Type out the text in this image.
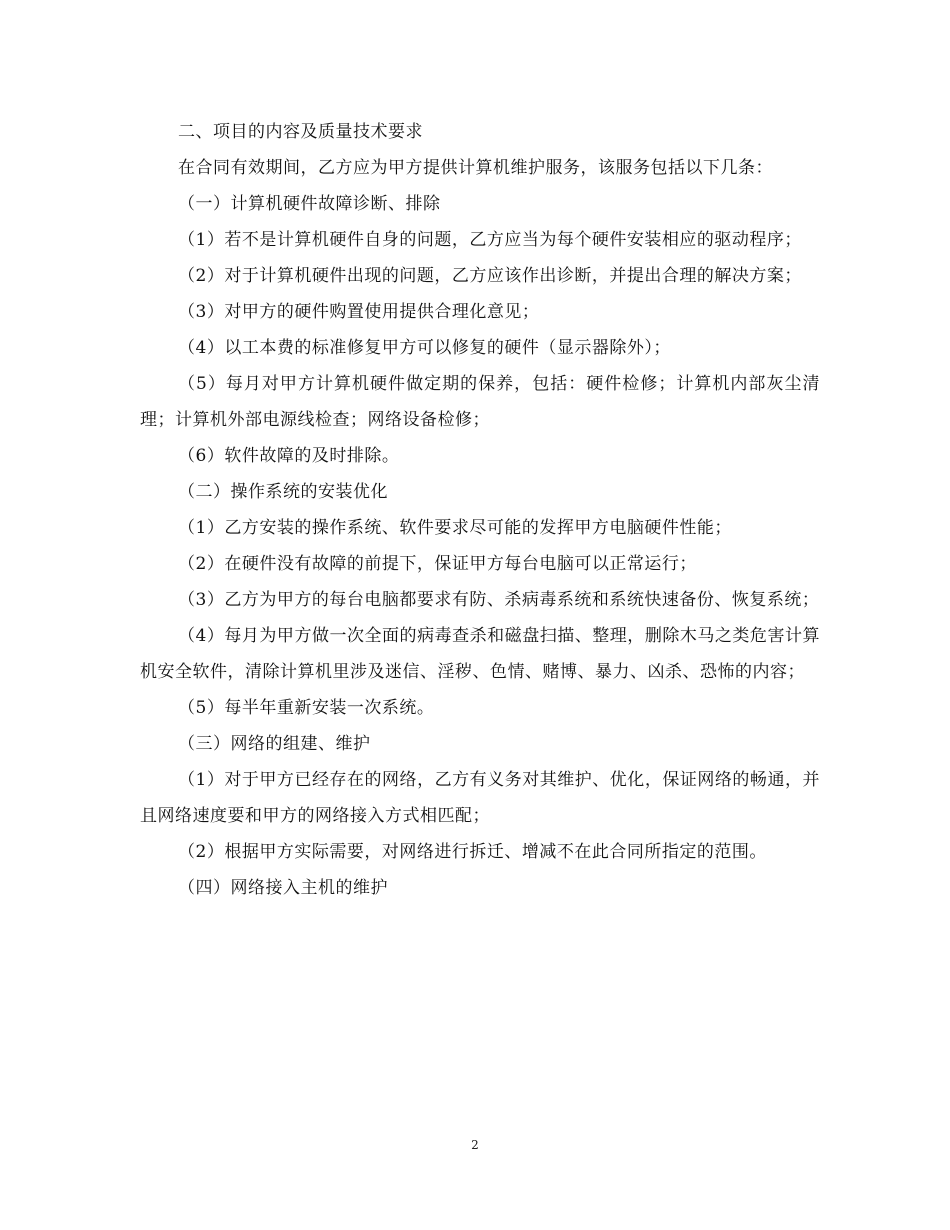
二、项目的内容及质量技术要求

在合同有效期间，乙方应为甲方提供计算机维护服务，该服务包括以下几条：

（一）计算机硬件故障诊断、排除

（1）若不是计算机硬件自身的问题，乙方应当为每个硬件安装相应的驱动程序；

（2）对于计算机硬件出现的问题，乙方应该作出诊断，并提出合理的解决方案；

（3）对甲方的硬件购置使用提供合理化意见；

（4）以工本费的标准修复甲方可以修复的硬件（显示器除外）；

（5）每月对甲方计算机硬件做定期的保养，包括：硬件检修；计算机内部灰尘清理；计算机外部电源线检查；网络设备检修；

（6）软件故障的及时排除。

（二）操作系统的安装优化

（1）乙方安装的操作系统、软件要求尽可能的发挥甲方电脑硬件性能；

（2）在硬件没有故障的前提下，保证甲方每台电脑可以正常运行；

（3）乙方为甲方的每台电脑都要求有防、杀病毒系统和系统快速备份、恢复系统；

（4）每月为甲方做一次全面的病毒查杀和磁盘扫描、整理，删除木马之类危害计算机安全软件，清除计算机里涉及迷信、淫秽、色情、赌博、暴力、凶杀、恐怖的内容；

（5）每半年重新安装一次系统。

（三）网络的组建、维护

（1）对于甲方已经存在的网络，乙方有义务对其维护、优化，保证网络的畅通，并且网络速度要和甲方的网络接入方式相匹配；

（2）根据甲方实际需要，对网络进行拆迁、增减不在此合同所指定的范围。

（四）网络接入主机的维护

2
